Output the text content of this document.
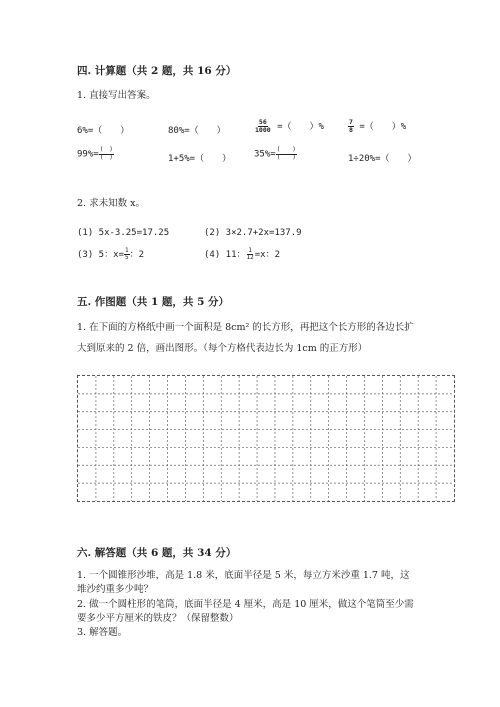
四. 计算题（共 2 题，共 16 分）
1. 直接写出答案。
6%=（　　）	80%=（　　）	$\frac{56}{1000}$ =（　　）%	$\frac{7}{8}$ =（　　）%
$99\%= \frac{( )}{( )}$	1+5%=（　　）	$35\%= \frac{( )}{( )}$	1÷20%=（　　）
2. 求未知数 x。
(1) 5x-3.25=17.25	(2) 3×2.7+2x=137.9
(3) 5：$x= \frac{1}{5}$ ：2	(4) 11： $\frac{1}{12} =x$：2
五. 作图题（共 1 题，共 5 分）
1. 在下面的方格纸中画一个面积是 8cm² 的长方形，再把这个长方形的各边长扩
大到原来的 2 倍，画出图形。（每个方格代表边长为 1cm 的正方形）
六. 解答题（共 6 题，共 34 分）
1. 一个圆锥形沙堆，高是 1.8 米，底面半径是 5 米，每立方米沙重 1.7 吨，这
堆沙约重多少吨？
2. 做一个圆柱形的笔筒，底面半径是 4 厘米，高是 10 厘米，做这个笔筒至少需
要多少平方厘米的铁皮？（保留整数）
3. 解答题。
